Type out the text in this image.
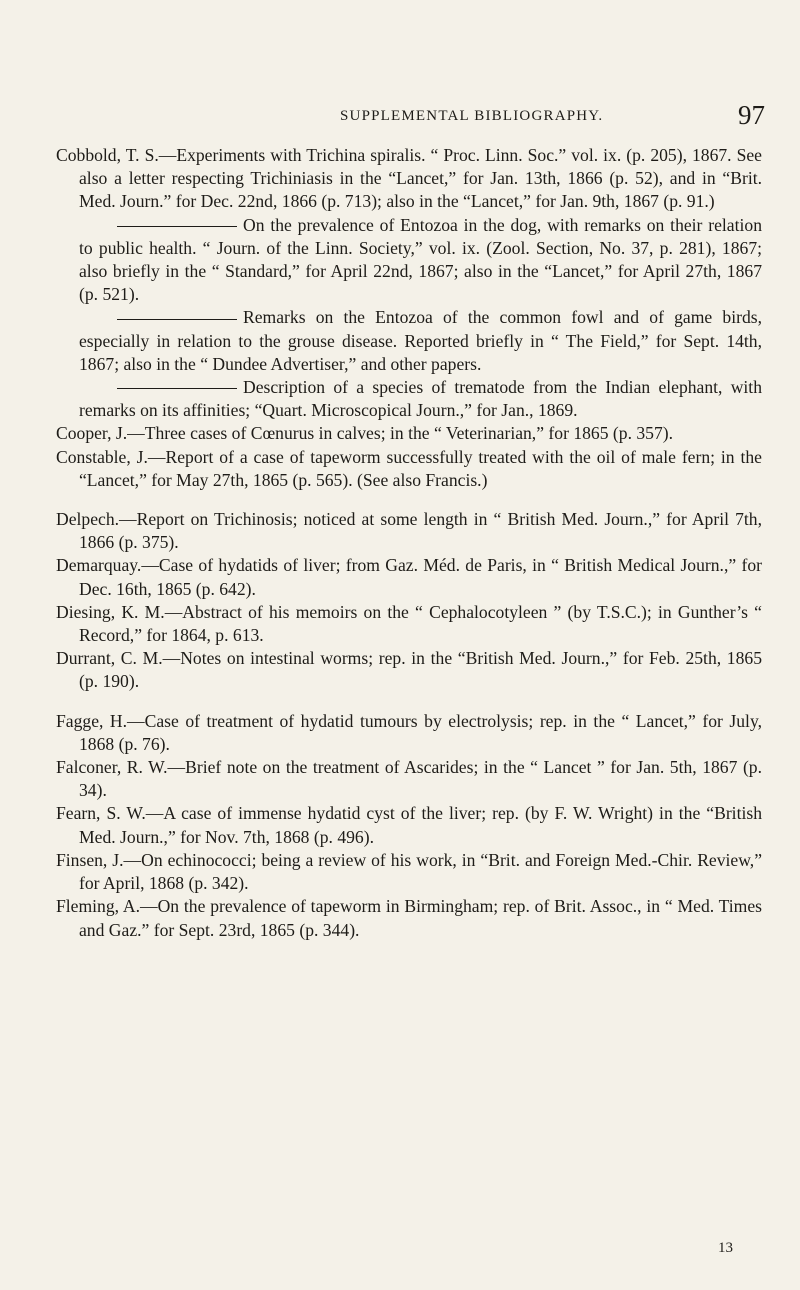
SUPPLEMENTAL BIBLIOGRAPHY.	97

Cobbold, T. S.—Experiments with Trichina spiralis. “ Proc. Linn. Soc.” vol. ix. (p. 205), 1867. See also a letter respecting Trichiniasis in the “Lancet,” for Jan. 13th, 1866 (p. 52), and in “Brit. Med. Journ.” for Dec. 22nd, 1866 (p. 713); also in the “Lancet,” for Jan. 9th, 1867 (p. 91.)

On the prevalence of Entozoa in the dog, with remarks on their relation to public health. “ Journ. of the Linn. Society,” vol. ix. (Zool. Section, No. 37, p. 281), 1867; also briefly in the “ Standard,” for April 22nd, 1867; also in the “Lancet,” for April 27th, 1867 (p. 521).

Remarks on the Entozoa of the common fowl and of game birds, especially in relation to the grouse disease. Reported briefly in “ The Field,” for Sept. 14th, 1867; also in the “ Dundee Advertiser,” and other papers.

Description of a species of trematode from the Indian elephant, with remarks on its affinities; “Quart. Microscopical Journ.,” for Jan., 1869.

Cooper, J.—Three cases of Cœnurus in calves; in the “ Veterinarian,” for 1865 (p. 357).

Constable, J.—Report of a case of tapeworm successfully treated with the oil of male fern; in the “Lancet,” for May 27th, 1865 (p. 565). (See also Francis.)

Delpech.—Report on Trichinosis; noticed at some length in “ British Med. Journ.,” for April 7th, 1866 (p. 375).

Demarquay.—Case of hydatids of liver; from Gaz. Méd. de Paris, in “ British Medical Journ.,” for Dec. 16th, 1865 (p. 642).

Diesing, K. M.—Abstract of his memoirs on the “ Cephalocotyleen ” (by T.S.C.); in Gunther’s “ Record,” for 1864, p. 613.

Durrant, C. M.—Notes on intestinal worms; rep. in the “British Med. Journ.,” for Feb. 25th, 1865 (p. 190).

Fagge, H.—Case of treatment of hydatid tumours by electrolysis; rep. in the “ Lancet,” for July, 1868 (p. 76).

Falconer, R. W.—Brief note on the treatment of Ascarides; in the “ Lancet ” for Jan. 5th, 1867 (p. 34).

Fearn, S. W.—A case of immense hydatid cyst of the liver; rep. (by F. W. Wright) in the “British Med. Journ.,” for Nov. 7th, 1868 (p. 496).

Finsen, J.—On echinococci; being a review of his work, in “Brit. and Foreign Med.-Chir. Review,” for April, 1868 (p. 342).

Fleming, A.—On the prevalence of tapeworm in Birmingham; rep. of Brit. Assoc., in “ Med. Times and Gaz.” for Sept. 23rd, 1865 (p. 344).

13
